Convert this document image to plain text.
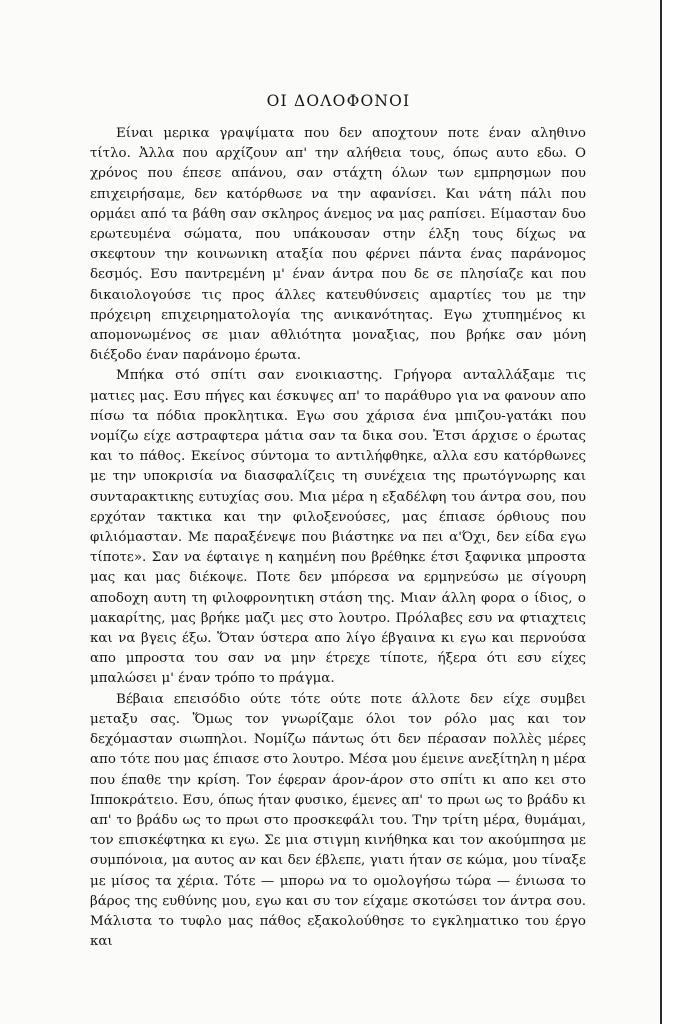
ΟΙ ΔΟΛΟΦΟΝΟΙ

Είναι μερικα γραψίματα που δεν αποχτουν ποτε έναν αληθινο τίτλο. Ἀλλα που αρχίζουν απ' την αλήθεια τους, όπως αυτο εδω. Ο χρόνος που έπεσε απάνου, σαν στάχτη όλων των εμπρησμων που επιχειρήσαμε, δεν κατόρθωσε να την αφανίσει. Και νάτη πάλι που ορμάει από τα βάθη σαν σκληρος άνεμος να μας ραπίσει. Είμασταν δυο ερωτευμένα σώματα, που υπάκουσαν στην έλξη τους δίχως να σκεφτουν την κοινωνικη αταξία που φέρνει πάντα ένας παράνομος δεσμός. Εσυ παντρεμένη μ' έναν άντρα που δε σε πλησίαζε και που δικαιολογούσε τις προς άλλες κατευθύνσεις αμαρτίες του με την πρόχειρη επιχειρηματολογία της ανικανότητας. Εγω χτυπημένος κι απομονωμένος σε μιαν αθλιότητα μοναξιας, που βρήκε σαν μόνη διέξοδο έναν παράνομο έρωτα.

Μπήκα στό σπίτι σαν ενοικιαστης. Γρήγορα ανταλλάξαμε τις ματιες μας. Εσυ πήγες και έσκυψες απ' το παράθυρο για να φανουν απο πίσω τα πόδια προκλητικα. Εγω σου χάρισα ένα μπιζου-γατάκι που νομίζω είχε αστραφτερα μάτια σαν τα δικα σου. Ἐτσι άρχισε ο έρωτας και το πάθος. Εκείνος σύντομα το αντιλήφθηκε, αλλα εσυ κατόρθωνες με την υποκρισία να διασφαλίζεις τη συνέχεια της πρωτόγνωρης και συνταρακτικης ευτυχίας σου. Μια μέρα η εξαδέλφη του άντρα σου, που ερχόταν τακτικα και την φιλοξενούσες, μας έπιασε όρθιους που φιλιόμασταν. Με παραξένεψε που βιάστηκε να πει α'Όχι, δεν είδα εγω τίποτε». Σαν να έφταιγε η καημένη που βρέθηκε έτσι ξαφνικα μπροστα μας και μας διέκοψε. Ποτε δεν μπόρεσα να ερμηνεύσω με σίγουρη αποδοχη αυτη τη φιλοφρονητικη στάση της. Μιαν άλλη φορα ο ίδιος, ο μακαρίτης, μας βρήκε μαζι μες στο λουτρο. Πρόλαβες εσυ να φτιαχτεις και να βγεις έξω. Ὅταν ύστερα απο λίγο έβγαινα κι εγω και περνούσα απο μπροστα του σαν να μην έτρεχε τίποτε, ήξερα ότι εσυ είχες μπαλώσει μ' έναν τρόπο το πράγμα.

Βέβαια επεισόδιο ούτε τότε ούτε ποτε άλλοτε δεν είχε συμβει μεταξυ σας. Ὅμως τον γνωρίζαμε όλοι τον ρόλο μας και τον δεχόμασταν σιωπηλοι. Νομίζω πάντως ότι δεν πέρασαν πολλὲς μέρες απο τότε που μας έπιασε στο λουτρο. Μέσα μου έμεινε ανεξίτηλη η μέρα που έπαθε την κρίση. Τον έφεραν άρον-άρον στο σπίτι κι απο κει στο Ιπποκράτειο. Εσυ, όπως ήταν φυσικο, έμενες απ' το πρωι ως το βράδυ κι απ' το βράδυ ως το πρωι στο προσκεφάλι του. Την τρίτη μέρα, θυμάμαι, τον επισκέφτηκα κι εγω. Σε μια στιγμη κινήθηκα και τον ακούμπησα με συμπόνοια, μα αυτος αν και δεν έβλεπε, γιατι ήταν σε κώμα, μου τίναξε με μίσος τα χέρια. Τότε — μπορω να το ομολογήσω τώρα — ένιωσα το βάρος της ευθύνης μου, εγω και συ τον είχαμε σκοτώσει τον άντρα σου. Μάλιστα το τυφλο μας πάθος εξακολούθησε το εγκληματικο του έργο και
